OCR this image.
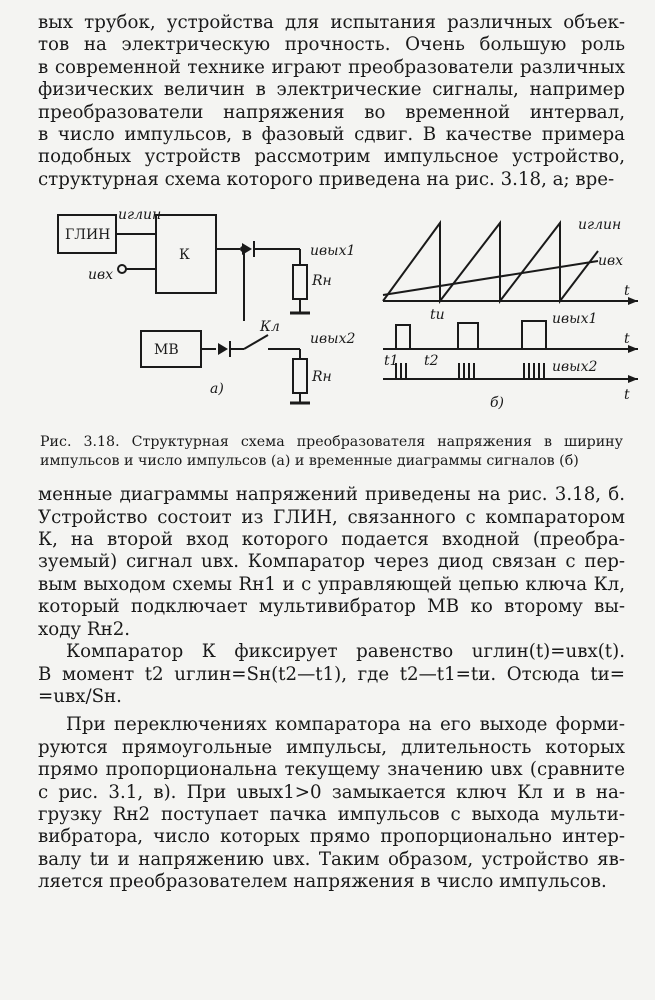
вых трубок, устройства для испытания различных объек-
тов на электрическую прочность. Очень большую роль
в современной технике играют преобразователи различных
физических величин в электрические сигналы, например
преобразователи напряжения во временной интервал,
в число импульсов, в фазовый сдвиг. В качестве примера
подобных устройств рассмотрим импульсное устройство,
структурная схема которого приведена на рис. 3.18, а; вре-

ГЛИН
К
МВ
uглин
uвх
uвых1
Rн
Кл
uвых2
Rн
а)
uглин
uвх
uвых1
uвых2
tи
t1 t2
t
t
t
б)
Рис. 3.18. Структурная схема преобразователя напряжения в ширину
импульсов и число импульсов (а) и временные диаграммы сигналов (б)

менные диаграммы напряжений приведены на рис. 3.18, б.
Устройство состоит из ГЛИН, связанного с компаратором
К, на второй вход которого подается входной (преобра-
зуемый) сигнал uвх. Компаратор через диод связан с пер-
вым выходом схемы Rн1 и с управляющей цепью ключа Кл,
который подключает мультивибратор МВ ко второму вы-
ходу Rн2.

Компаратор К фиксирует равенство uглин(t)=uвх(t).
В момент t2 uглин=Sн(t2—t1), где t2—t1=tи. Отсюда tи=
=uвх/Sн.

При переключениях компаратора на его выходе форми-
руются прямоугольные импульсы, длительность которых
прямо пропорциональна текущему значению uвх (сравните
с рис. 3.1, в). При uвых1>0 замыкается ключ Кл и в на-
грузку Rн2 поступает пачка импульсов с выхода мульти-
вибратора, число которых прямо пропорционально интер-
валу tи и напряжению uвх. Таким образом, устройство яв-
ляется преобразователем напряжения в число импульсов.
